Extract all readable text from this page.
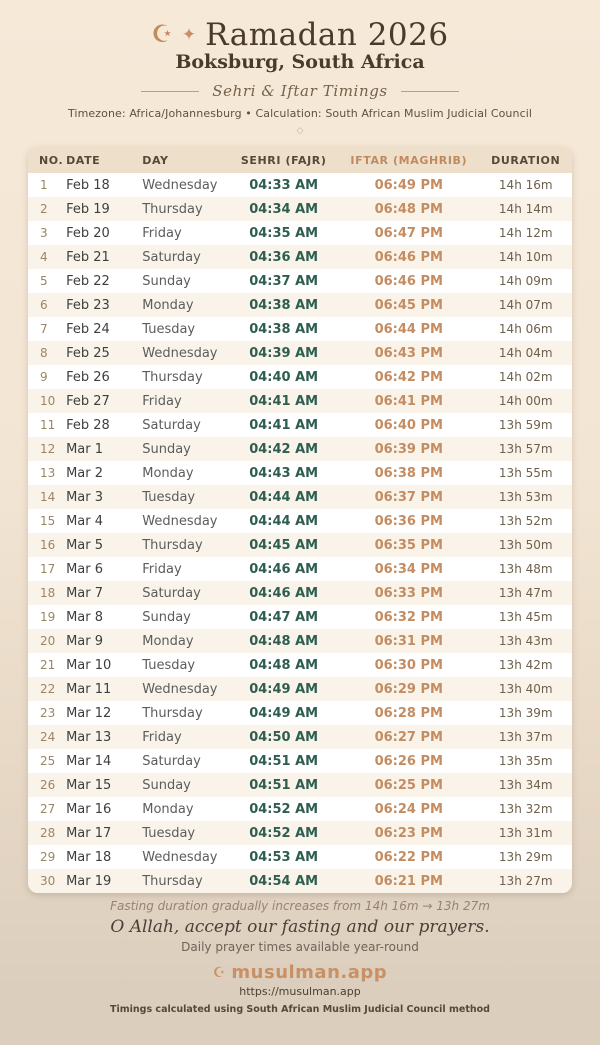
☪ ✦ Ramadan 2026
Boksburg, South Africa
Sehri & Iftar Timings
Timezone: Africa/Johannesburg • Calculation: South African Muslim Judicial Council
◇
NO.	DATE	DAY	SEHRI (FAJR)	IFTAR (MAGHRIB)	DURATION
1	Feb 18	Wednesday	04:33 AM	06:49 PM	14h 16m
2	Feb 19	Thursday	04:34 AM	06:48 PM	14h 14m
3	Feb 20	Friday	04:35 AM	06:47 PM	14h 12m
4	Feb 21	Saturday	04:36 AM	06:46 PM	14h 10m
5	Feb 22	Sunday	04:37 AM	06:46 PM	14h 09m
6	Feb 23	Monday	04:38 AM	06:45 PM	14h 07m
7	Feb 24	Tuesday	04:38 AM	06:44 PM	14h 06m
8	Feb 25	Wednesday	04:39 AM	06:43 PM	14h 04m
9	Feb 26	Thursday	04:40 AM	06:42 PM	14h 02m
10	Feb 27	Friday	04:41 AM	06:41 PM	14h 00m
11	Feb 28	Saturday	04:41 AM	06:40 PM	13h 59m
12	Mar 1	Sunday	04:42 AM	06:39 PM	13h 57m
13	Mar 2	Monday	04:43 AM	06:38 PM	13h 55m
14	Mar 3	Tuesday	04:44 AM	06:37 PM	13h 53m
15	Mar 4	Wednesday	04:44 AM	06:36 PM	13h 52m
16	Mar 5	Thursday	04:45 AM	06:35 PM	13h 50m
17	Mar 6	Friday	04:46 AM	06:34 PM	13h 48m
18	Mar 7	Saturday	04:46 AM	06:33 PM	13h 47m
19	Mar 8	Sunday	04:47 AM	06:32 PM	13h 45m
20	Mar 9	Monday	04:48 AM	06:31 PM	13h 43m
21	Mar 10	Tuesday	04:48 AM	06:30 PM	13h 42m
22	Mar 11	Wednesday	04:49 AM	06:29 PM	13h 40m
23	Mar 12	Thursday	04:49 AM	06:28 PM	13h 39m
24	Mar 13	Friday	04:50 AM	06:27 PM	13h 37m
25	Mar 14	Saturday	04:51 AM	06:26 PM	13h 35m
26	Mar 15	Sunday	04:51 AM	06:25 PM	13h 34m
27	Mar 16	Monday	04:52 AM	06:24 PM	13h 32m
28	Mar 17	Tuesday	04:52 AM	06:23 PM	13h 31m
29	Mar 18	Wednesday	04:53 AM	06:22 PM	13h 29m
30	Mar 19	Thursday	04:54 AM	06:21 PM	13h 27m
Fasting duration gradually increases from 14h 16m → 13h 27m
O Allah, accept our fasting and our prayers.
Daily prayer times available year-round
☪ musulman.app
https://musulman.app
Timings calculated using South African Muslim Judicial Council method
